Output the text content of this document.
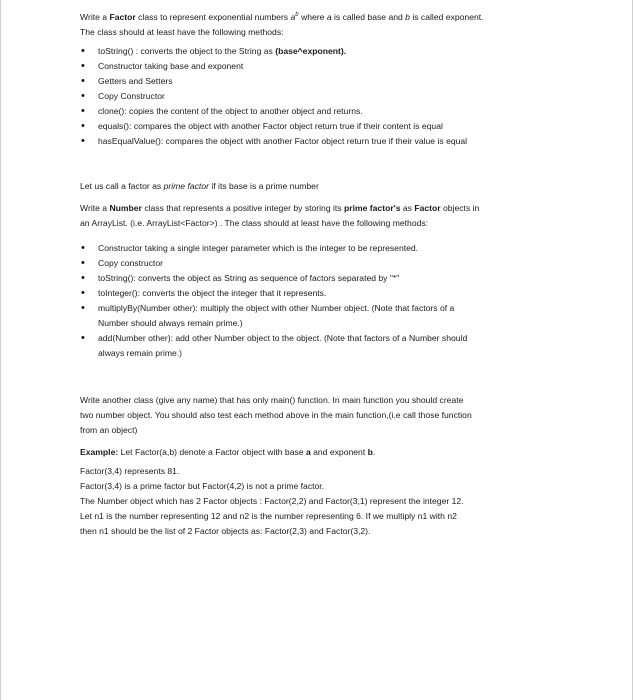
Write a Factor class to represent exponential numbers $a^b$ where a is called base and b is called exponent.

The class should at least have the following methods:

• toString() : converts the object to the String as (base^exponent).
• Constructor taking base and exponent
• Getters and Setters
• Copy Constructor
• clone(): copies the content of the object to another object and returns.
• equals(): compares the object with another Factor object return true if their content is equal
• hasEqualValue(): compares the object with another Factor object return true if their value is equal

Let us call a factor as prime factor if its base is a prime number

Write a Number class that represents a positive integer by storing its prime factor's as Factor objects in

an ArrayList. (i.e. ArrayList<Factor>) . The class should at least have the following methods:

• Constructor taking a single integer parameter which is the integer to be represented.
• Copy constructor
• toString(): converts the object as String as sequence of factors separated by "*"
• toInteger(): converts the object the integer that it represents.
• multiplyBy(Number other): multiply the object with other Number object. (Note that factors of a
Number should always remain prime.)
• add(Number other): add other Number object to the object. (Note that factors of a Number should
always remain prime.)

Write another class (give any name) that has only main() function. In main function you should create
two number object. You should also test each method above in the main function,(i.e call those function
from an object)

Example: Let Factor(a,b) denote a Factor object with base a and exponent b.

Factor(3,4) represents 81.
Factor(3,4) is a prime factor but Factor(4,2) is not a prime factor.
The Number object which has 2 Factor objects : Factor(2,2) and Factor(3,1) represent the integer 12.
Let n1 is the number representing 12 and n2 is the number representing 6. If we multiply n1 with n2
then n1 should be the list of 2 Factor objects as: Factor(2,3) and Factor(3,2).
